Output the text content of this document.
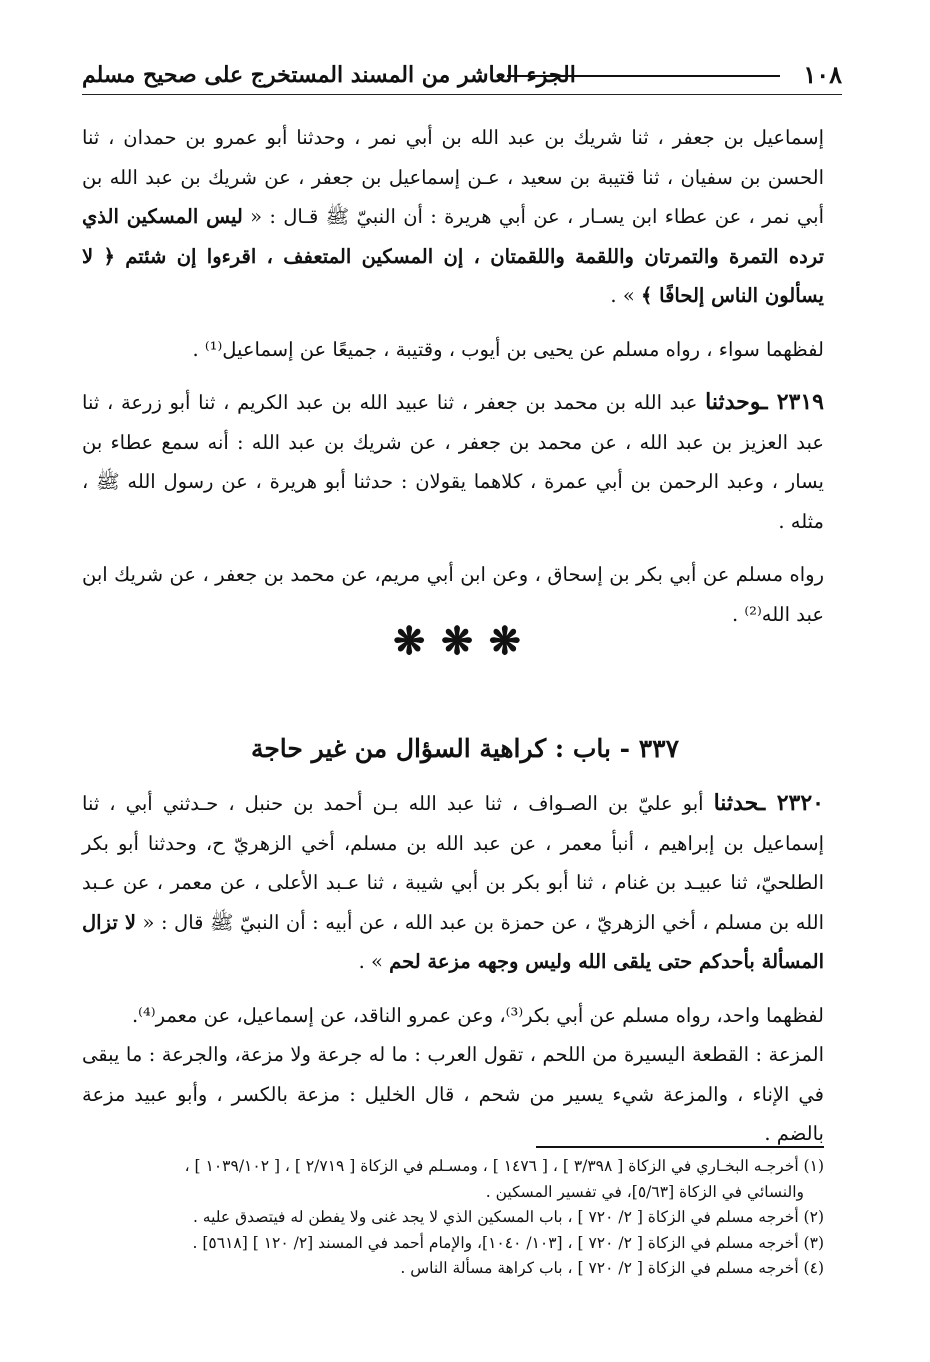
١٠٨
الجزء العاشر من المسند المستخرج على صحيح مسلم

إسماعيل بن جعفر ، ثنا شريك بن عبد الله بن أبي نمر ، وحدثنا أبو عمرو بن حمدان ، ثنا الحسن بن سفيان ، ثنا قتيبة بن سعيد ، عـن إسماعيل بن جعفر ، عن شريك بن عبد الله بن أبي نمر ، عن عطاء ابن يسـار ، عن أبي هريرة : أن النبيّ ﷺ قـال : « ليس المسكين الذي ترده التمرة والتمرتان واللقمة واللقمتان ، إن المسكين المتعفف ، اقرءوا إن شئتم ﴿ لا يسألون الناس إلحافًا ﴾ » .

لفظهما سواء ، رواه مسلم عن يحيى بن أيوب ، وقتيبة ، جميعًا عن إسماعيل⁽¹⁾ .

٢٣١٩ ـوحدثنا عبد الله بن محمد بن جعفر ، ثنا عبيد الله بن عبد الكريم ، ثنا أبو زرعة ، ثنا عبد العزيز بن عبد الله ، عن محمد بن جعفر ، عن شريك بن عبد الله : أنه سمع عطاء بن يسار ، وعبد الرحمن بن أبي عمرة ، كلاهما يقولان : حدثنا أبو هريرة ، عن رسول الله ﷺ ، مثله .

رواه مسلم عن أبي بكر بن إسحاق ، وعن ابن أبي مريم، عن محمد بن جعفر ، عن شريك ابن عبد الله⁽²⁾ .

❋❋❋
٣٣٧ - باب : كراهية السؤال من غير حاجة

٢٣٢٠ ـحدثنا أبو عليّ بن الصـواف ، ثنا عبد الله بـن أحمد بن حنبل ، حـدثني أبي ، ثنا إسماعيل بن إبراهيم ، أنبأ معمر ، عن عبد الله بن مسلم، أخي الزهريّ ح، وحدثنا أبو بكر الطلحيّ، ثنا عبيـد بن غنام ، ثنا أبو بكر بن أبي شيبة ، ثنا عـبد الأعلى ، عن معمر ، عن عـبد الله بن مسلم ، أخي الزهريّ ، عن حمزة بن عبد الله ، عن أبيه : أن النبيّ ﷺ قال : « لا تزال المسألة بأحدكم حتى يلقى الله وليس وجهه مزعة لحم » .

لفظهما واحد، رواه مسلم عن أبي بكر⁽³⁾، وعن عمرو الناقد، عن إسماعيل، عن معمر⁽⁴⁾.

المزعة : القطعة اليسيرة من اللحم ، تقول العرب : ما له جرعة ولا مزعة، والجرعة : ما يبقى في الإناء ، والمزعة شيء يسير من شحم ، قال الخليل : مزعة بالكسر ، وأبو عبيد مزعة بالضم .

(١) أخرجـه البخـاري في الزكاة [ ٣/٣٩٨ ] ، [ ١٤٧٦ ] ، ومسـلم في الزكاة [ ٢/٧١٩ ] ، [ ١٠٣٩/١٠٢ ] ،

والنسائي في الزكاة [٥/٦٣]، في تفسير المسكين .

(٢) أخرجه مسلم في الزكاة [ ٢/ ٧٢٠ ] ، باب المسكين الذي لا يجد غنى ولا يفطن له فيتصدق عليه .

(٣) أخرجه مسلم في الزكاة [ ٢/ ٧٢٠ ] ، [١٠٣/ ١٠٤٠]، والإمام أحمد في المسند [٢/ ١٢٠ ] [٥٦١٨] .

(٤) أخرجه مسلم في الزكاة [ ٢/ ٧٢٠ ] ، باب كراهة مسألة الناس .
